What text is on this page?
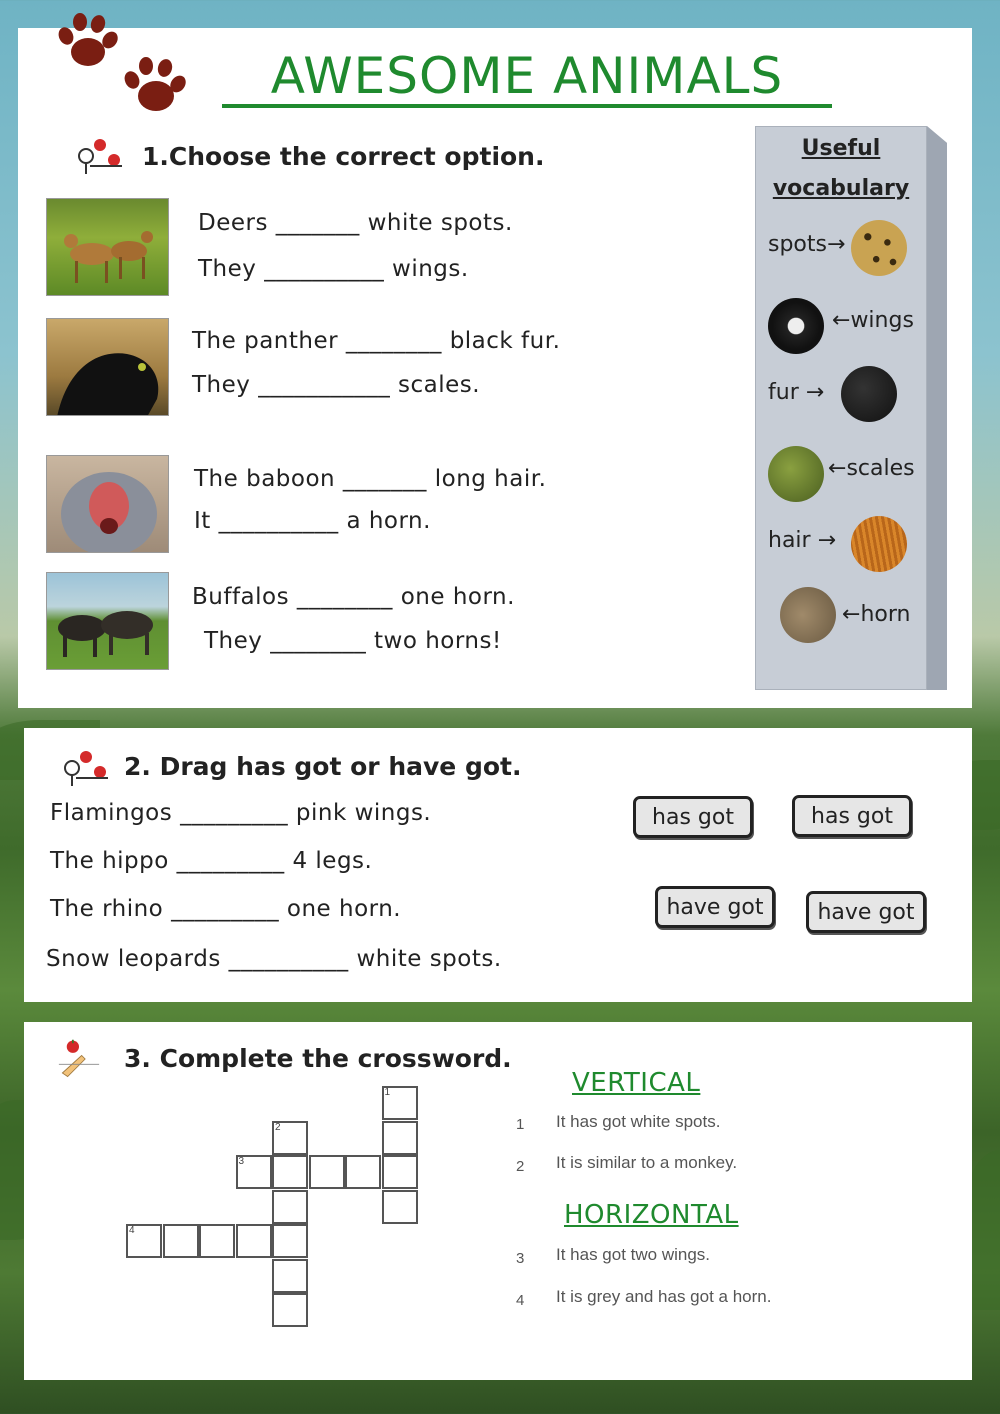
AWESOME ANIMALS
1.Choose the correct option.
Deers _______ white spots.
They __________ wings.
The panther ________ black fur.
They ___________ scales.
The baboon _______ long hair.
It __________ a horn.
Buffalos ________ one horn.
They ________ two horns!
Useful
vocabulary
spots→
←wings
fur →
←scales
hair →
←horn
2. Drag has got or have got.
Flamingos _________ pink wings.
The hippo _________ 4 legs.
The rhino _________ one horn.
Snow leopards __________ white spots.
has got	has got
have got	have got
3. Complete the crossword.
1
2
3
4
VERTICAL
1 It has got white spots.
2 It is similar to a monkey.
HORIZONTAL
3 It has got two wings.
4 It is grey and has got a horn.
